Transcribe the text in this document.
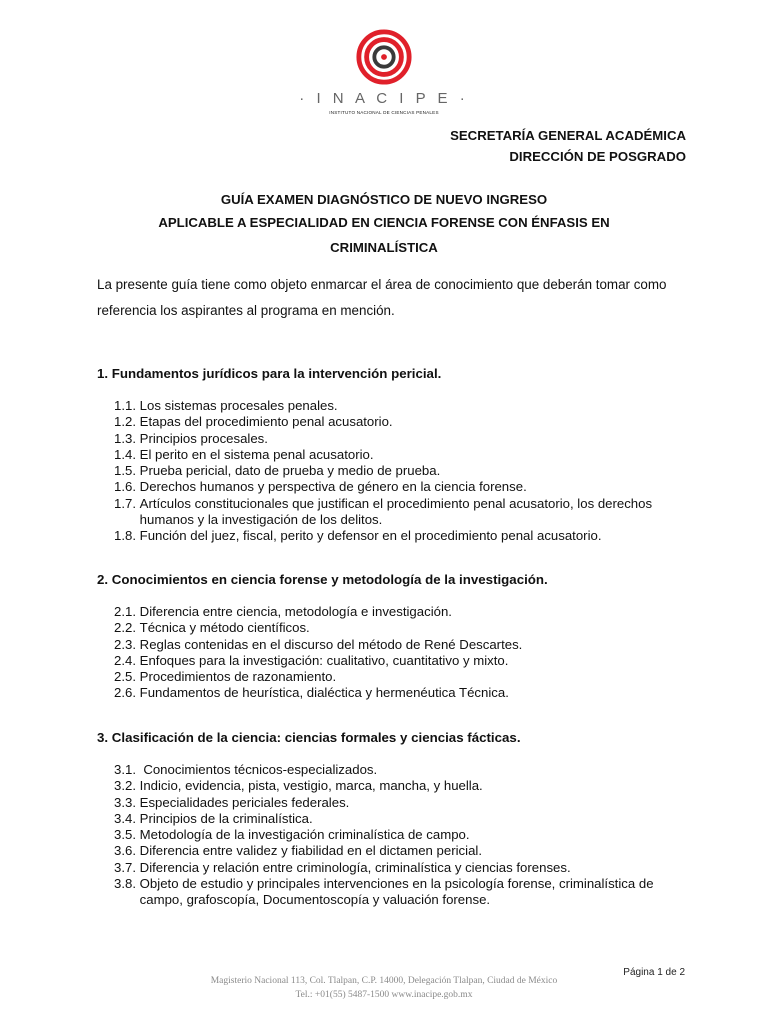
· I N A C I P E ·
INSTITUTO NACIONAL DE CIENCIAS PENALES
SECRETARÍA GENERAL ACADÉMICA
DIRECCIÓN DE POSGRADO
GUÍA EXAMEN DIAGNÓSTICO DE NUEVO INGRESO
APLICABLE A ESPECIALIDAD EN CIENCIA FORENSE CON ÉNFASIS EN
CRIMINALÍSTICA
La presente guía tiene como objeto enmarcar el área de conocimiento que deberán tomar como referencia los aspirantes al programa en mención.
1. Fundamentos jurídicos para la intervención pericial.
1.1. Los sistemas procesales penales.
1.2. Etapas del procedimiento penal acusatorio.
1.3. Principios procesales.
1.4. El perito en el sistema penal acusatorio.
1.5. Prueba pericial, dato de prueba y medio de prueba.
1.6. Derechos humanos y perspectiva de género en la ciencia forense.
1.7. Artículos constitucionales que justifican el procedimiento penal acusatorio, los derechos humanos y la investigación de los delitos.
1.8. Función del juez, fiscal, perito y defensor en el procedimiento penal acusatorio.
2. Conocimientos en ciencia forense y metodología de la investigación.
2.1. Diferencia entre ciencia, metodología e investigación.
2.2. Técnica y método científicos.
2.3. Reglas contenidas en el discurso del método de René Descartes.
2.4. Enfoques para la investigación: cualitativo, cuantitativo y mixto.
2.5. Procedimientos de razonamiento.
2.6. Fundamentos de heurística, dialéctica y hermenéutica Técnica.
3. Clasificación de la ciencia: ciencias formales y ciencias fácticas.
3.1. Conocimientos técnicos-especializados.
3.2. Indicio, evidencia, pista, vestigio, marca, mancha, y huella.
3.3. Especialidades periciales federales.
3.4. Principios de la criminalística.
3.5. Metodología de la investigación criminalística de campo.
3.6. Diferencia entre validez y fiabilidad en el dictamen pericial.
3.7. Diferencia y relación entre criminología, criminalística y ciencias forenses.
3.8. Objeto de estudio y principales intervenciones en la psicología forense, criminalística de campo, grafoscopía, Documentoscopía y valuación forense.
Página 1 de 2
Magisterio Nacional 113, Col. Tlalpan, C.P. 14000, Delegación Tlalpan, Ciudad de México
Tel.: +01(55) 5487-1500 www.inacipe.gob.mx
